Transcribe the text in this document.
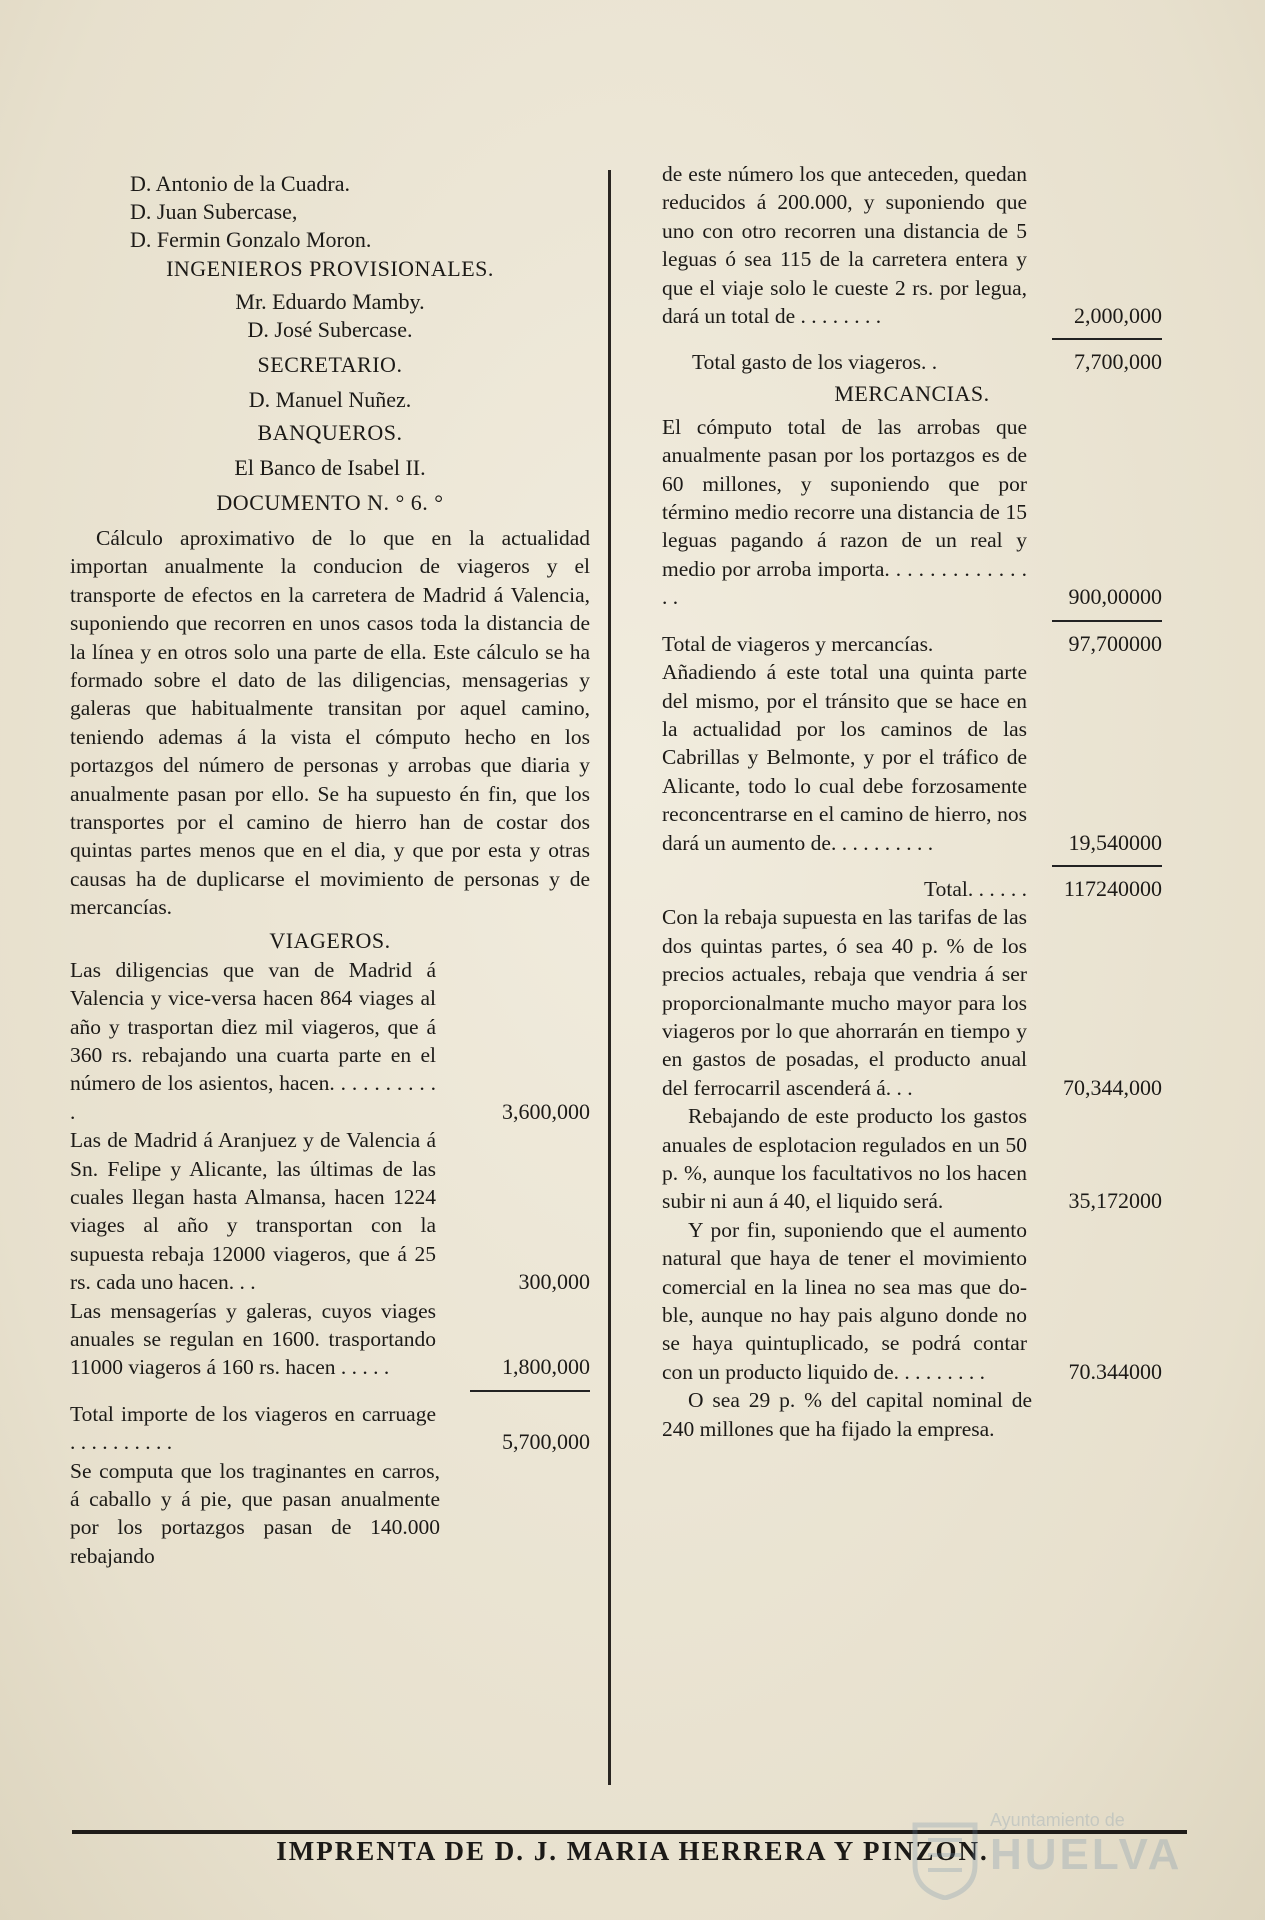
D. Antonio de la Cuadra.
D. Juan Subercase,
D. Fermin Gonzalo Moron.
INGENIEROS PROVISIONALES.
Mr. Eduardo Mamby.
D. José Subercase.
SECRETARIO.
D. Manuel Nuñez.
BANQUEROS.
El Banco de Isabel II.
DOCUMENTO N. ° 6. °

Cálculo aproximativo de lo que en la actualidad importan anualmente la conducion de viageros y el transporte de efectos en la carretera de Madrid á Valencia, suponiendo que recorren en unos casos toda la distancia de la línea y en otros solo una parte de ella. Este cálculo se ha formado sobre el dato de las diligencias, mensagerias y galeras que habitualmente transitan por aquel camino, teniendo ademas á la vista el cómputo hecho en los portazgos del número de personas y arrobas que diaria y anualmente pasan por ello. Se ha supuesto én fin, que los transportes por el camino de hierro han de costar dos quintas partes menos que en el dia, y que por esta y otras causas ha de duplicarse el movimiento de personas y de mercancías.

VIAGEROS.
Las diligencias que van de Madrid á Valencia y vice-versa hacen 864 viages al año y trasportan diez mil viageros, que á 360 rs. rebajando una cuarta parte en el número de los asientos, hacen. . . . . . . . . . .	3,600,000
Las de Madrid á Aranjuez y de Valencia á Sn. Felipe y Alicante, las últimas de las cuales llegan hasta Almansa, hacen 1224 viages al año y transportan con la supuesta rebaja 12000 viageros, que á 25 rs. cada uno hacen. . .	300,000
Las mensagerías y galeras, cuyos viages anuales se regulan en 1600. trasportando 11000 viageros á 160 rs. hacen . . . . .	1,800,000
Total importe de los viageros en carruage . . . . . . . . . .	5,700,000

Se computa que los traginantes en carros, á caballo y á pie, que pasan anualmente por los portazgos pasan de 140.000 rebajando

de este número los que anteceden, quedan reducidos á 200.000, y suponiendo que uno con otro recorren una distancia de 5 leguas ó sea 115 de la carretera entera y que el viaje solo le cueste 2 rs. por legua, dará un total de . . . . . . . .	2,000,000
Total gasto de los viageros. .	7,700,000
MERCANCIAS.
El cómputo total de las arrobas que anualmente pasan por los portazgos es de 60 millones, y suponiendo que por término medio recorre una distancia de 15 leguas pagando á razon de un real y medio por arroba importa. . . . . . . . . . . . . . .	900,00000
Total de viageros y mercancías.	97,700000
Añadiendo á este total una quinta parte del mismo, por el tránsito que se hace en la actualidad por los caminos de las Cabrillas y Belmonte, y por el tráfico de Alicante, todo lo cual debe forzosamente reconcentrarse en el camino de hierro, nos dará un aumento de. . . . . . . . . .	19,540000
Total. . . . . .	117240000
Con la rebaja supuesta en las tarifas de las dos quintas partes, ó sea 40 p. % de los precios actuales, rebaja que vendria á ser proporcionalmante mucho mayor para los viageros por lo que ahorrarán en tiempo y en gastos de posadas, el producto anual del ferrocarril ascenderá á. . .	70,344,000
Rebajando de este producto los gastos anuales de esplotacion regulados en un 50 p. %, aunque los facultativos no los hacen subir ni aun á 40, el liquido será.	35,172000
Y por fin, suponiendo que el aumento natural que haya de tener el movimiento comercial en la linea no sea mas que doble, aunque no hay pais alguno donde no se haya quintuplicado, se podrá contar con un producto liquido de. . . . . . . . .	70.344000

O sea 29 p. % del capital nominal de 240 millones que ha fijado la empresa.

IMPRENTA DE D. J. MARIA HERRERA Y PINZON.
Ayuntamiento de
HUELVA
